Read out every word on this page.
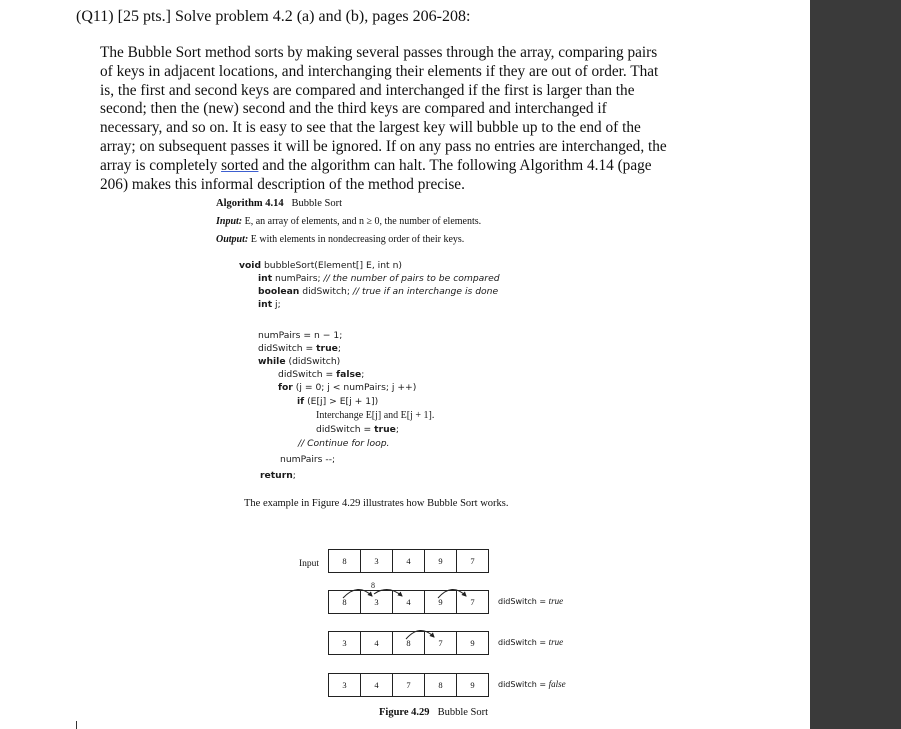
(Q11) [25 pts.] Solve problem 4.2 (a) and (b), pages 206-208:
The Bubble Sort method sorts by making several passes through the array, comparing pairs
of keys in adjacent locations, and interchanging their elements if they are out of order. That
is, the first and second keys are compared and interchanged if the first is larger than the
second; then the (new) second and the third keys are compared and interchanged if
necessary, and so on. It is easy to see that the largest key will bubble up to the end of the
array; on subsequent passes it will be ignored. If on any pass no entries are interchanged, the
array is completely sorted and the algorithm can halt. The following Algorithm 4.14 (page
206) makes this informal description of the method precise.
Algorithm 4.14 Bubble Sort
Input: E, an array of elements, and n ≥ 0, the number of elements.
Output: E with elements in nondecreasing order of their keys.
void bubbleSort(Element[] E, int n)
int numPairs; // the number of pairs to be compared
boolean didSwitch; // true if an interchange is done
int j;
numPairs = n − 1;
didSwitch = true;
while (didSwitch)
didSwitch = false;
for (j = 0; j < numPairs; j ++)
if (E[j] > E[j + 1])
Interchange E[j] and E[j + 1].
didSwitch = true;
// Continue for loop.
numPairs --;
return;
The example in Figure 4.29 illustrates how Bubble Sort works.
Input	8	3	4	9	7
8	3	4	9	7
8
3	4	8	7	9
3	4	7	8	9
didSwitch = true
didSwitch = true
didSwitch = false
Figure 4.29 Bubble Sort
